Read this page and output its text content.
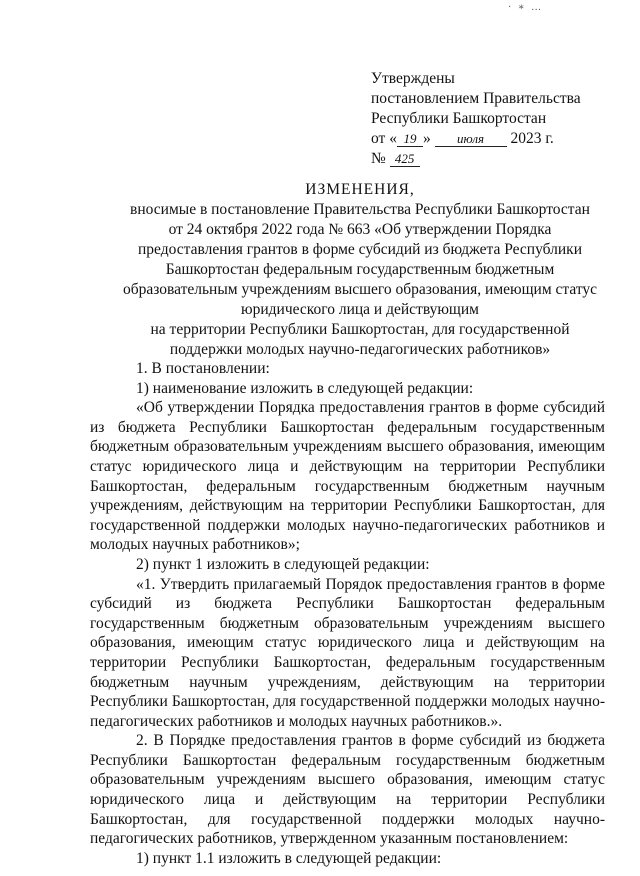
· ∗ …
Утверждены
постановлением Правительства
Республики Башкортостан
от « 19 » июля 2023 г.
№ 425
ИЗМЕНЕНИЯ,
вносимые в постановление Правительства Республики Башкортостан
от 24 октября 2022 года № 663 «Об утверждении Порядка
предоставления грантов в форме субсидий из бюджета Республики
Башкортостан федеральным государственным бюджетным
образовательным учреждениям высшего образования, имеющим статус
юридического лица и действующим
на территории Республики Башкортостан, для государственной
поддержки молодых научно-педагогических работников»

1. В постановлении:

1) наименование изложить в следующей редакции:

«Об утверждении Порядка предоставления грантов в форме субсидий из бюджета Республики Башкортостан федеральным государственным бюджетным образовательным учреждениям высшего образования, имеющим статус юридического лица и действующим на территории Республики Башкортостан, федеральным государственным бюджетным научным учреждениям, действующим на территории Республики Башкортостан, для государственной поддержки молодых научно-педагогических работников и молодых научных работников»;

2) пункт 1 изложить в следующей редакции:

«1. Утвердить прилагаемый Порядок предоставления грантов в форме субсидий из бюджета Республики Башкортостан федеральным государственным бюджетным образовательным учреждениям высшего образования, имеющим статус юридического лица и действующим на территории Республики Башкортостан, федеральным государственным бюджетным научным учреждениям, действующим на территории Республики Башкортостан, для государственной поддержки молодых научно-педагогических работников и молодых научных работников.».

2. В Порядке предоставления грантов в форме субсидий из бюджета Республики Башкортостан федеральным государственным бюджетным образовательным учреждениям высшего образования, имеющим статус юридического лица и действующим на территории Республики Башкортостан, для государственной поддержки молодых научно-педагогических работников, утвержденном указанным постановлением:

1) пункт 1.1 изложить в следующей редакции:
